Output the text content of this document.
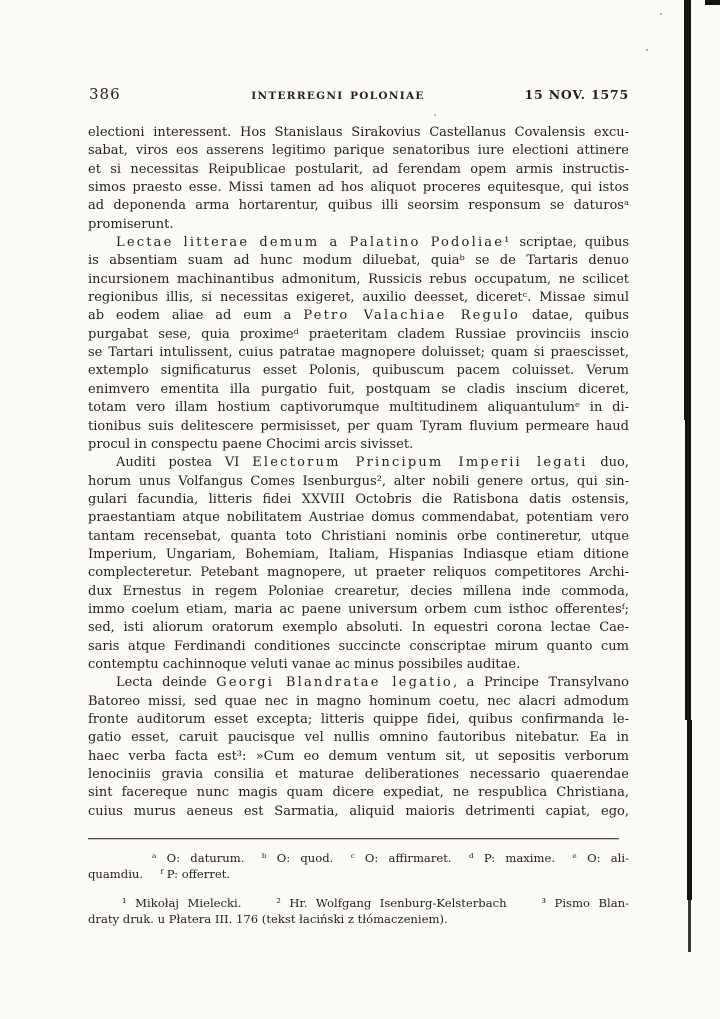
386	INTERREGNI POLONIAE	15 NOV. 1575
electioni interessent. Hos Stanislaus Sirakovius Castellanus Covalensis excu-
sabat, viros eos asserens legitimo parique senatoribus iure electioni attinere
et si necessitas Reipublicae postularit, ad ferendam opem armis instructis-
simos praesto esse. Missi tamen ad hos aliquot proceres equitesque, qui istos
ad deponenda arma hortarentur, quibus illi seorsim responsum se daturosᵃ
promiserunt.
Lectae litterae demum a Palatino Podoliae¹ scriptae, quibus
is absentiam suam ad hunc modum diluebat, quiaᵇ se de Tartaris denuo
incursionem machinantibus admonitum, Russicis rebus occupatum, ne scilicet
regionibus illis, si necessitas exigeret, auxilio deesset, diceretᶜ. Missae simul
ab eodem aliae ad eum a Petro Valachiae Regulo datae, quibus
purgabat sese, quia proximeᵈ praeteritam cladem Russiae provinciis inscio
se Tartari intulissent, cuius patratae magnopere doluisset; quam si praescisset,
extemplo significaturus esset Polonis, quibuscum pacem coluisset. Verum
enimvero ementita illa purgatio fuit, postquam se cladis inscium diceret,
totam vero illam hostium captivorumque multitudinem aliquantulumᵉ in di-
tionibus suis delitescere permisisset, per quam Tyram fluvium permeare haud
procul in conspectu paene Chocimi arcis sivisset.
Auditi postea VI Electorum Principum Imperii legati duo,
horum unus Volfangus Comes Isenburgus², alter nobili genere ortus, qui sin-
gulari facundia, litteris fidei XXVIII Octobris die Ratisbona datis ostensis,
praestantiam atque nobilitatem Austriae domus commendabat, potentiam vero
tantam recensebat, quanta toto Christiani nominis orbe contineretur, utque
Imperium, Ungariam, Bohemiam, Italiam, Hispanias Indiasque etiam ditione
complecteretur. Petebant magnopere, ut praeter reliquos competitores Archi-
dux Ernestus in regem Poloniae crearetur, decies millena inde commoda,
immo coelum etiam, maria ac paene universum orbem cum isthoc offerentesᶠ;
sed, isti aliorum oratorum exemplo absoluti. In equestri corona lectae Cae-
saris atque Ferdinandi conditiones succincte conscriptae mirum quanto cum
contemptu cachinnoque veluti vanae ac minus possibiles auditae.
Lecta deinde Georgi Blandratae legatio, a Principe Transylvano
Batoreo missi, sed quae nec in magno hominum coetu, nec alacri admodum
fronte auditorum esset excepta; litteris quippe fidei, quibus confirmanda le-
gatio esset, caruit paucisque vel nullis omnino fautoribus nitebatur. Ea in
haec verba facta est³: »Cum eo demum ventum sit, ut sepositis verborum
lenociniis gravia consilia et maturae deliberationes necessario quaerendae
sint facereque nunc magis quam dicere expediat, ne respublica Christiana,
cuius murus aeneus est Sarmatia, aliquid maioris detrimenti capiat, ego,
ᵃ O: daturum.  ᵇ O: quod.  ᶜ O: affirmaret.  ᵈ P: maxime.  ᵉ O: ali-
quamdiu.  ᶠ P: offerret.
¹ Mikołaj Mielecki.   ² Hr. Wolfgang Isenburg-Kelsterbach   ³ Pismo Blan-
draty druk. u Płatera III. 176 (tekst łaciński z tłómaczeniem).
